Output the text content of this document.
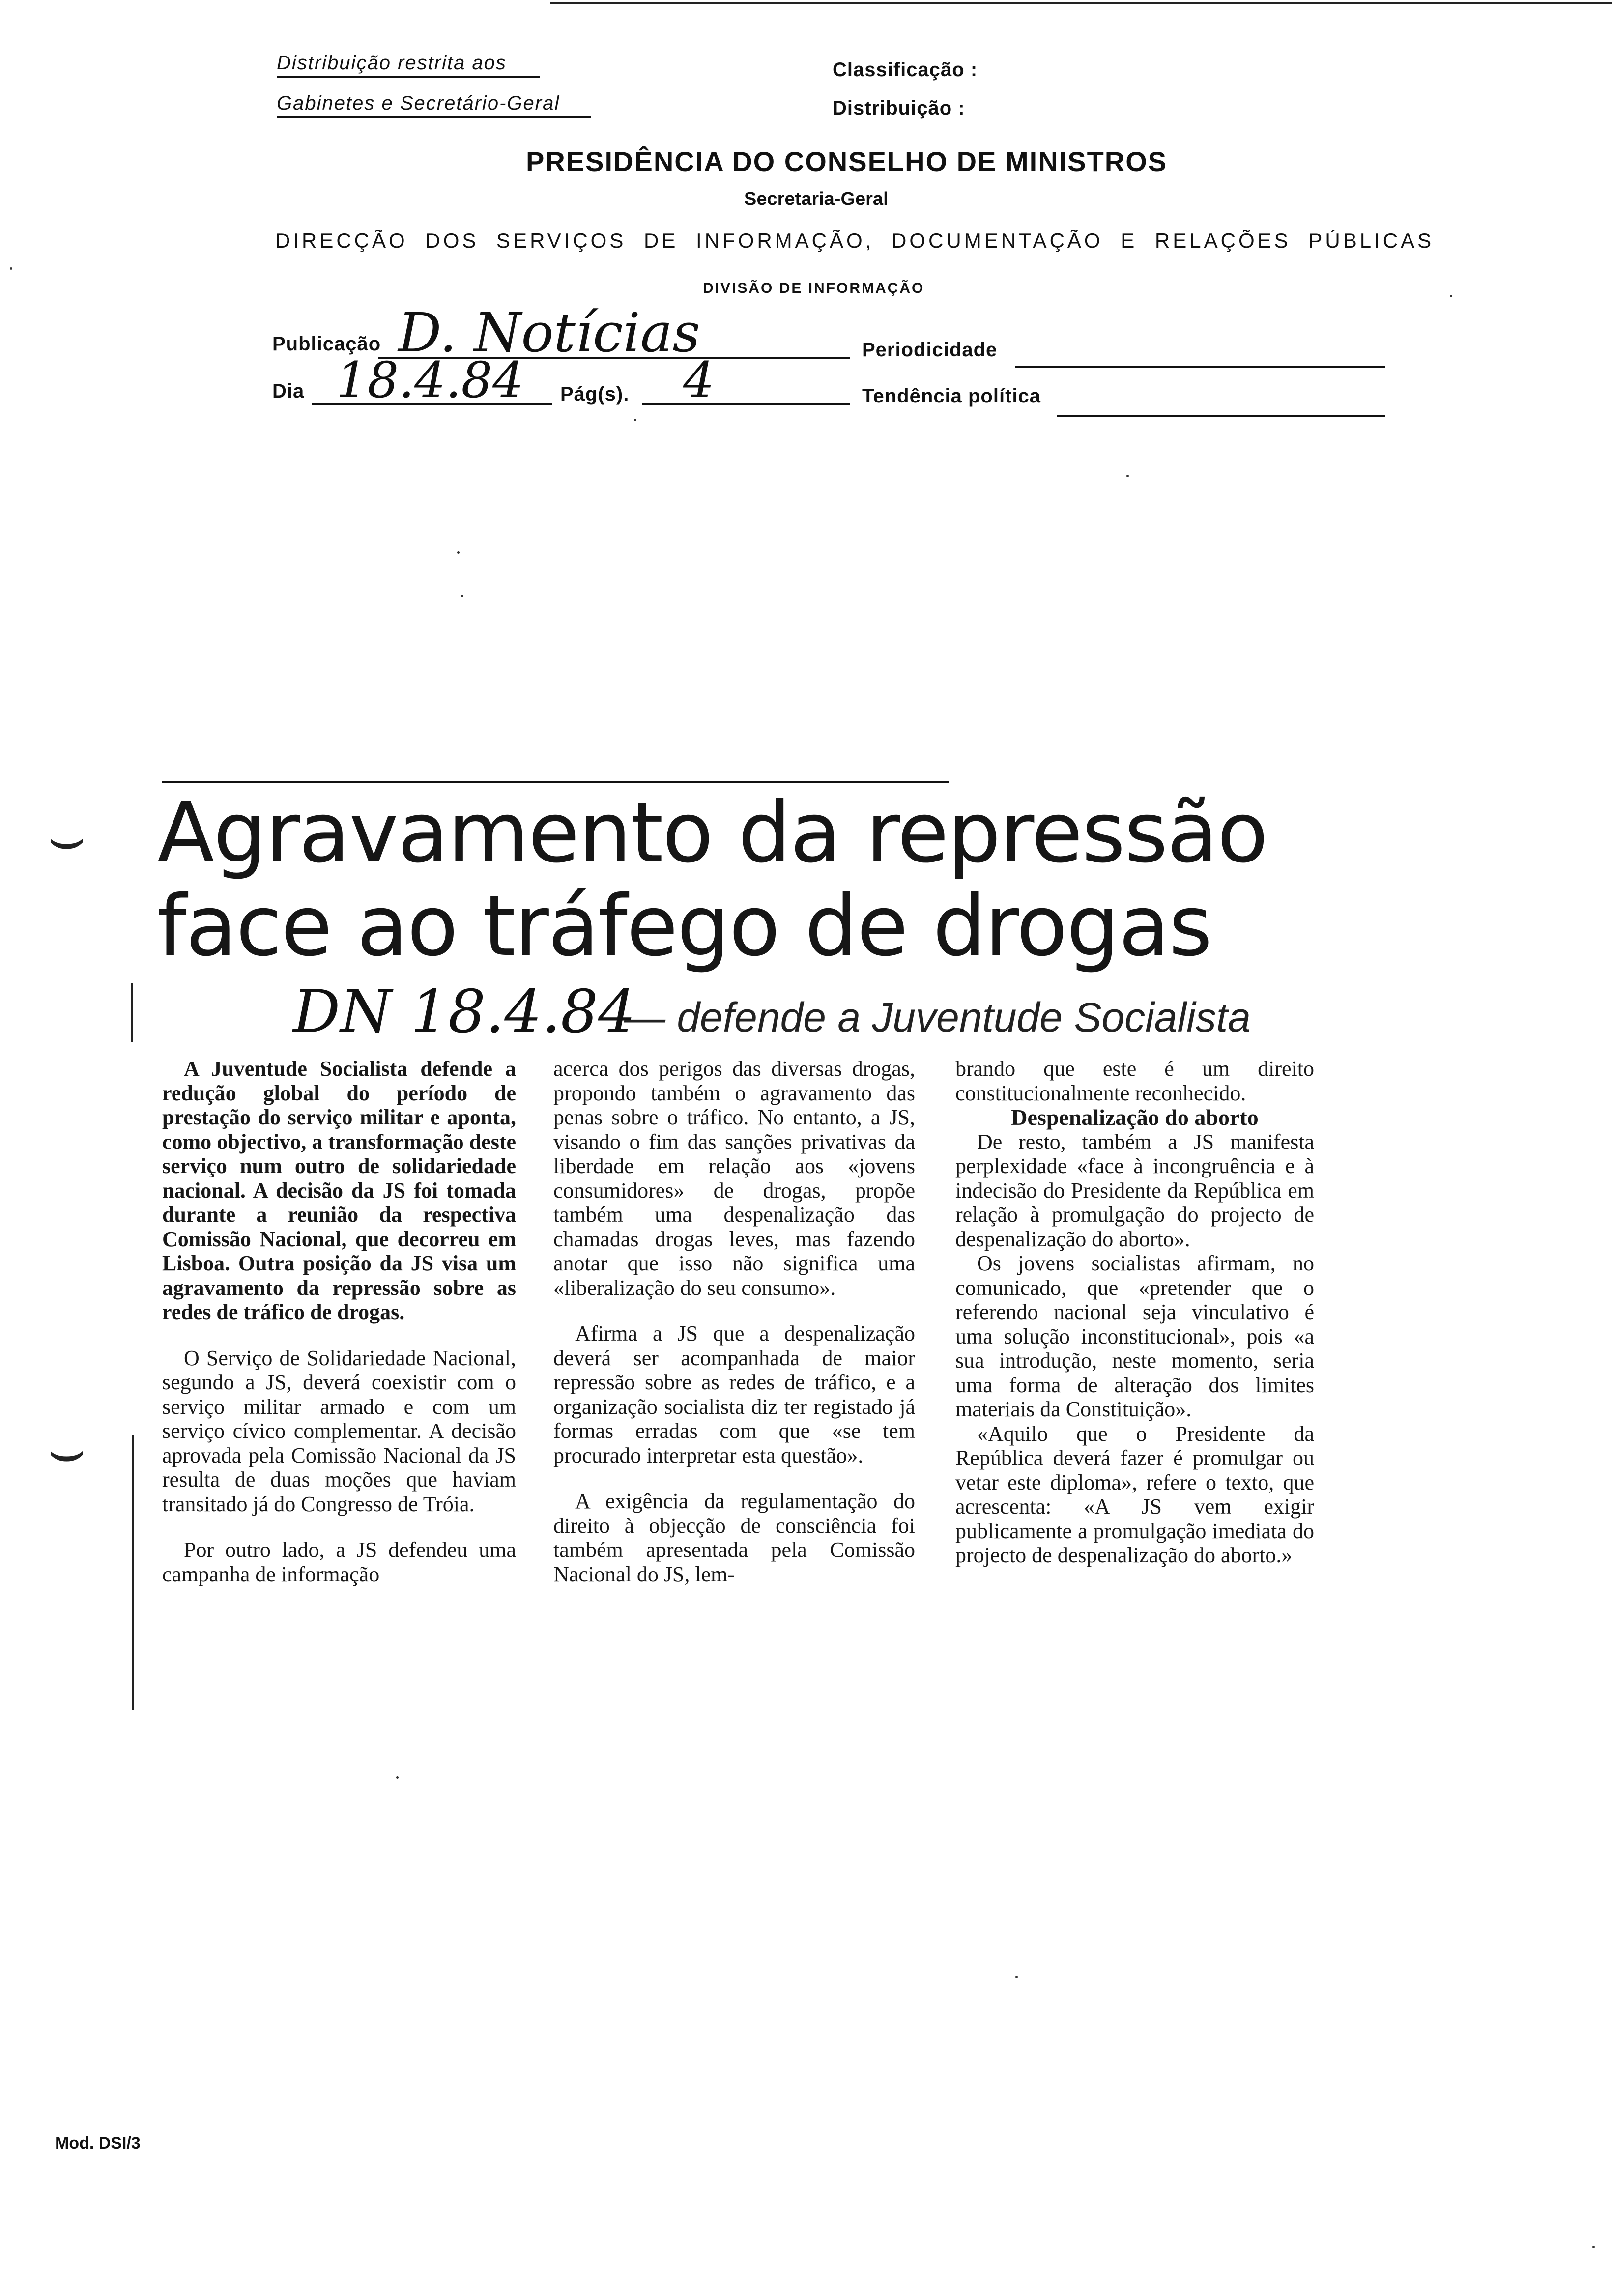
Distribuição restrita aos
Gabinetes e Secretário-Geral
Classificação :
Distribuição :
PRESIDÊNCIA DO CONSELHO DE MINISTROS
Secretaria-Geral
DIRECÇÃO DOS SERVIÇOS DE INFORMAÇÃO, DOCUMENTAÇÃO E RELAÇÕES PÚBLICAS
DIVISÃO DE INFORMAÇÃO
Publicação D. Notícias	Periodicidade
Dia 18.4.84 Pág(s). 4	Tendência política
Agravamento da repressão
face ao tráfego de drogas
DN 18.4.84
— defende a Juventude Socialista
⌣
⌣

A Juventude Socialista defende a redução global do período de prestação do serviço militar e aponta, como objectivo, a transformação deste serviço num outro de solidariedade nacional. A decisão da JS foi tomada durante a reunião da respectiva Comissão Nacional, que decorreu em Lisboa. Outra posição da JS visa um agravamento da repressão sobre as redes de tráfico de drogas.

O Serviço de Solidariedade Nacional, segundo a JS, deverá coexistir com o serviço militar armado e com um serviço cívico complementar. A decisão aprovada pela Comissão Nacional da JS resulta de duas moções que haviam transitado já do Congresso de Tróia.

Por outro lado, a JS defendeu uma campanha de informação

acerca dos perigos das diversas drogas, propondo também o agravamento das penas sobre o tráfico. No entanto, a JS, visando o fim das sanções privativas da liberdade em relação aos «jovens consumidores» de drogas, propõe também uma despenalização das chamadas drogas leves, mas fazendo anotar que isso não significa uma «liberalização do seu consumo».

Afirma a JS que a despenalização deverá ser acompanhada de maior repressão sobre as redes de tráfico, e a organização socialista diz ter registado já formas erradas com que «se tem procurado interpretar esta questão».

A exigência da regulamentação do direito à objecção de consciência foi também apresentada pela Comissão Nacional do JS, lem-

brando que este é um direito constitucionalmente reconhecido.

Despenalização do aborto

De resto, também a JS manifesta perplexidade «face à incongruência e à indecisão do Presidente da República em relação à promulgação do projecto de despenalização do aborto».

Os jovens socialistas afirmam, no comunicado, que «pretender que o referendo nacional seja vinculativo é uma solução inconstitucional», pois «a sua introdução, neste momento, seria uma forma de alteração dos limites materiais da Constituição».

«Aquilo que o Presidente da República deverá fazer é promulgar ou vetar este diploma», refere o texto, que acrescenta: «A JS vem exigir publicamente a promulgação imediata do projecto de despenalização do aborto.»

Mod. DSI/3
